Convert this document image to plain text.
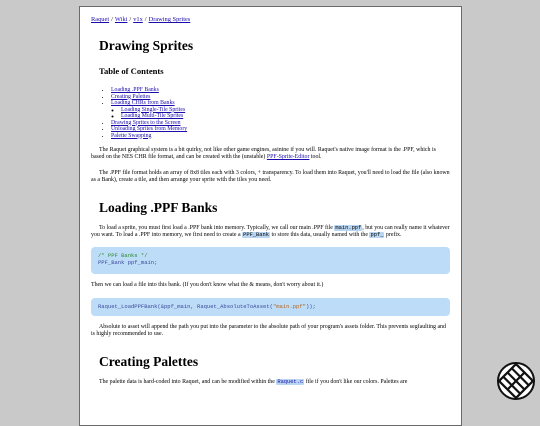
Raquet / Wiki / v1x / Drawing Sprites
Drawing Sprites
Table of Contents
• Loading .PPF Banks
• Creating Palettes
• Loading CHRs from Banks
◦ Loading Single-Tile Sprites
◦ Loading Multi-Tile Sprites
• Drawing Sprites to the Screen
• Unloading Sprites from Memory
• Palette Swapping

The Raquet graphical system is a bit quirky, not like other game engines, asinine if you will. Raquet's native image format is the .PPF, which is based on the NES CHR file format, and can be created with the (unstable) PPF-Sprite-Editor tool.

The .PPF file format holds an array of 8x8 tiles each with 3 colors, + transparency. To load them into Raquet, you'll need to load the file (also known as a Bank), create a tile, and then arrange your sprite with the tiles you need.

Loading .PPF Banks

To load a sprite, you must first load a .PPF bank into memory. Typically, we call our main .PPF file main.ppf, but you can really name it whatever you want. To load a .PPF into memory, we first need to create a PPF_Bank to store this data, usually named with the ppf_ prefix.

/* PPF Banks */
PPF_Bank ppf_main;

Then we can load a file into this bank. (If you don't know what the & means, don't worry about it.)

Raquet_LoadPPFBank(&ppf_main, Raquet_AbsoluteToAsset("main.ppf"));

Absolute to asset will append the path you put into the parameter to the absolute path of your program's assets folder. This prevents segfaulting and is highly recommended to use.

Creating Palettes

The palette data is hard-coded into Raquet, and can be modified within the Raquet.c file if you don't like our colors. Palettes are
